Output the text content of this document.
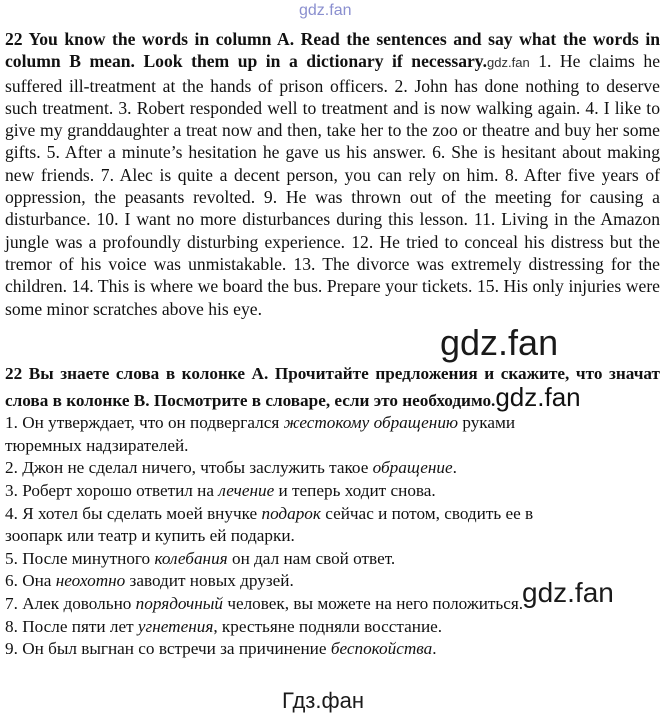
gdz.fan

22 You know the words in column A. Read the sentences and say what the words in column B mean. Look them up in a dictionary if necessary.gdz.fan 1. He claims he suffered ill-treatment at the hands of prison officers. 2. John has done nothing to deserve such treatment. 3. Robert responded well to treatment and is now walking again. 4. I like to give my granddaughter a treat now and then, take her to the zoo or theatre and buy her some gifts. 5. After a minute’s hesitation he gave us his answer. 6. She is hesitant about making new friends. 7. Alec is quite a decent person, you can rely on him. 8. After five years of oppression, the peasants revolted. 9. He was thrown out of the meeting for causing a disturbance. 10. I want no more disturbances during this lesson. 11. Living in the Amazon jungle was a profoundly disturbing experience. 12. He tried to conceal his distress but the tremor of his voice was unmistakable. 13. The divorce was extremely distressing for the children. 14. This is where we board the bus. Prepare your tickets. 15. His only injuries were some minor scratches above his eye.

gdz.fan

22 Вы знаете слова в колонке А. Прочитайте предложения и скажите, что значат слова в колонке В. Посмотрите в словаре, если это необходимо.gdz.fan

1. Он утверждает, что он подвергался жестокому обращению руками
тюремных надзирателей.
2. Джон не сделал ничего, чтобы заслужить такое обращение.
3. Роберт хорошо ответил на лечение и теперь ходит снова.
4. Я хотел бы сделать моей внучке подарок сейчас и потом, сводить ее в
зоопарк или театр и купить ей подарки.
5. После минутного колебания он дал нам свой ответ.
6. Она неохотно заводит новых друзей.
7. Алек довольно порядочный человек, вы можете на него положиться.
8. После пяти лет угнетения, крестьяне подняли восстание.
9. Он был выгнан со встречи за причинение беспокойства.
gdz.fan
Гдз.фан
